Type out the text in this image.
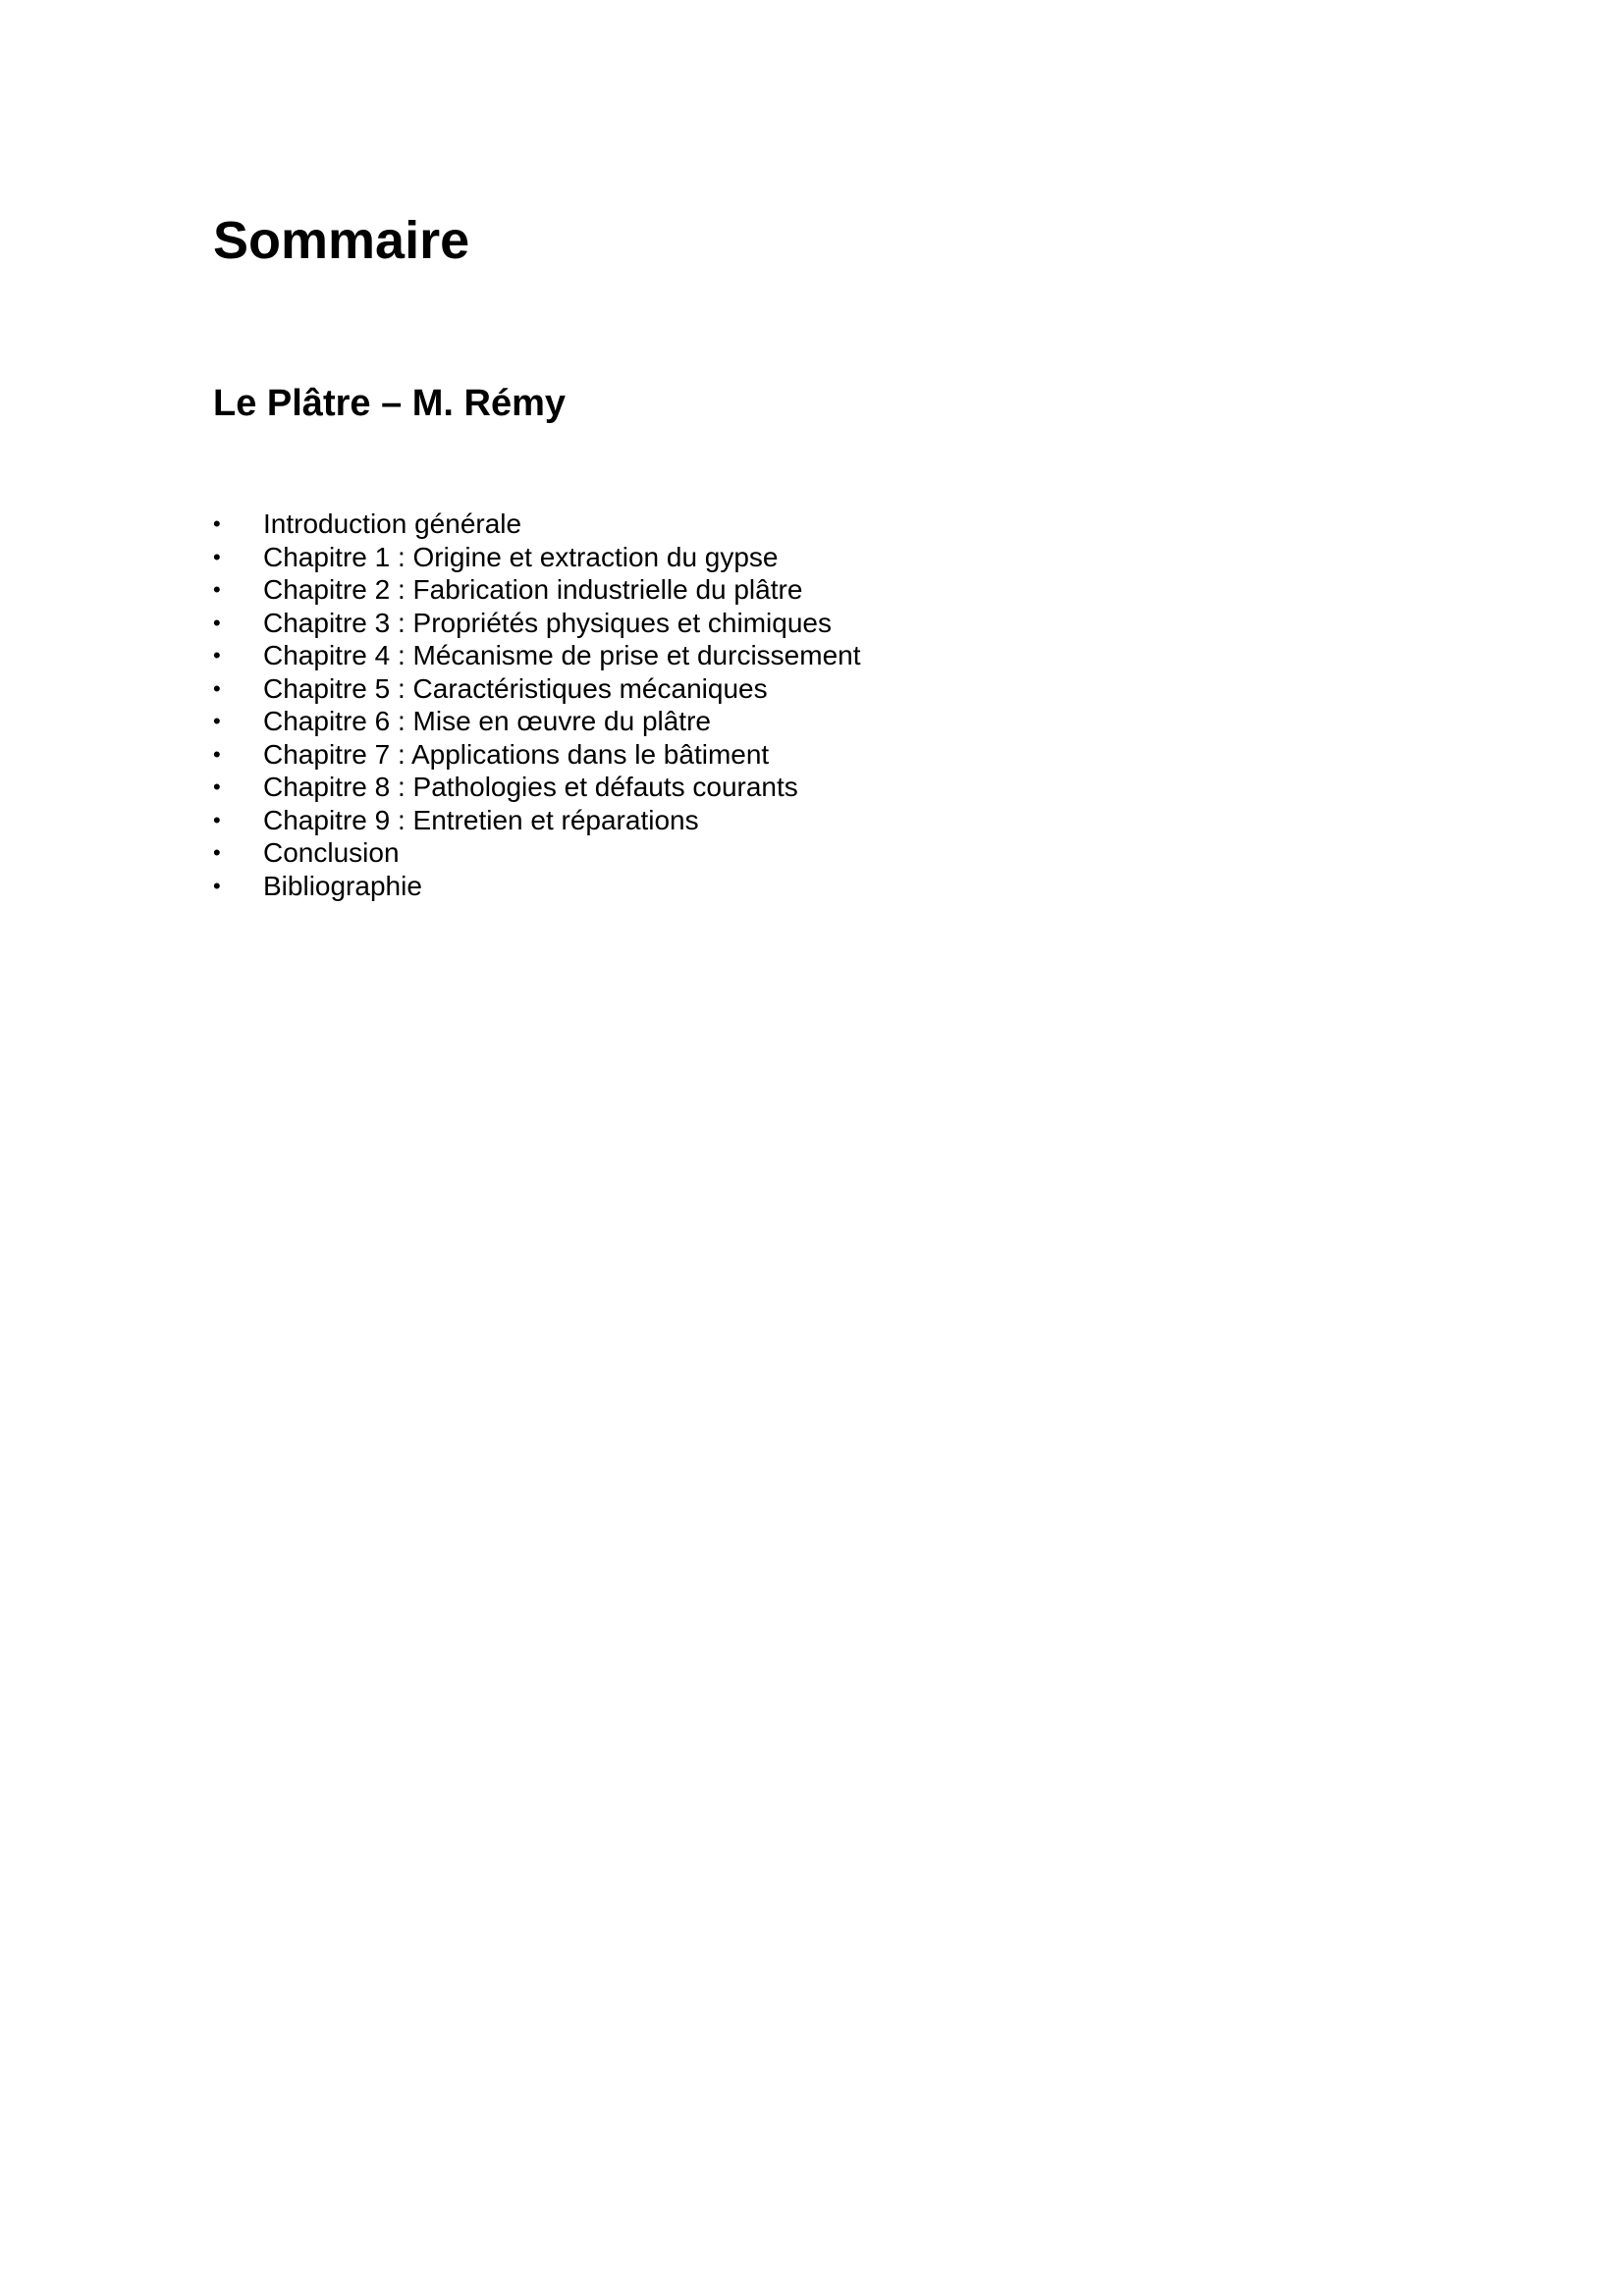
Sommaire
Le Plâtre – M. Rémy
•	Introduction générale
•	Chapitre 1 : Origine et extraction du gypse
•	Chapitre 2 : Fabrication industrielle du plâtre
•	Chapitre 3 : Propriétés physiques et chimiques
•	Chapitre 4 : Mécanisme de prise et durcissement
•	Chapitre 5 : Caractéristiques mécaniques
•	Chapitre 6 : Mise en œuvre du plâtre
•	Chapitre 7 : Applications dans le bâtiment
•	Chapitre 8 : Pathologies et défauts courants
•	Chapitre 9 : Entretien et réparations
•	Conclusion
•	Bibliographie
